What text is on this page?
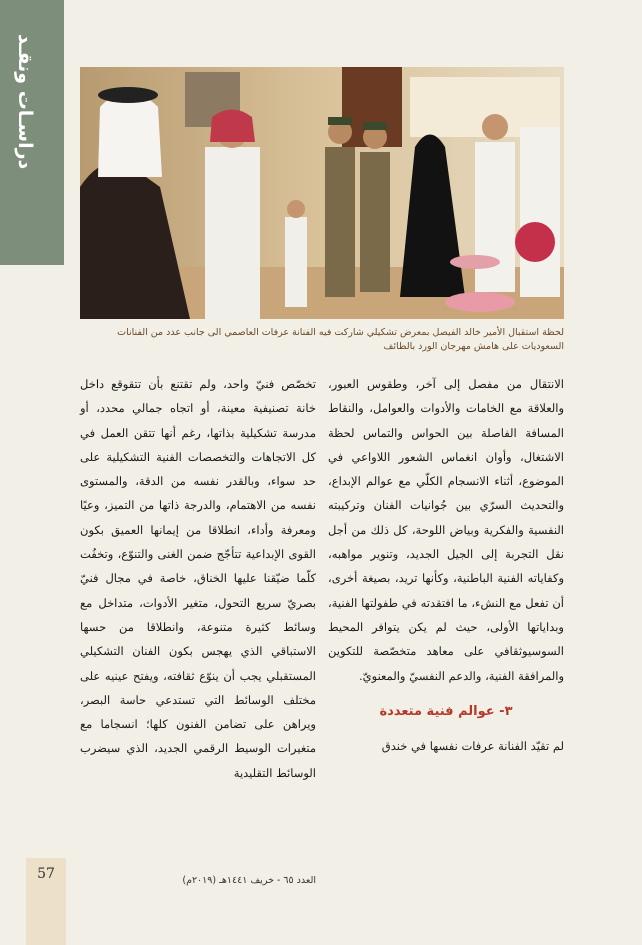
دراسـات ونقـد
لحظة استقبال الأمير خالد الفيصل بمعرض تشكيلي شاركت فيه الفنانة عرفات العاصمي الى جانب عدد من الفنانات السعوديات على هامش مهرجان الورد بالطائف

الانتقال من مفصل إلى آخر، وطقوس العبور، والعلاقة مع الخامات والأدوات والعوامل، والنقاط المسافة الفاصلة بين الحواس والتماس لحظة الاشتغال، وأوان انغماس الشعور اللاواعي في الموضوع، أثناء الانسجام الكلّي مع عوالم الإبداع، والتحديث السرّي بين جُوانيات الفنان وتركيبته النفسية والفكرية وبياض اللوحة، كل ذلك من أجل نقل التجربة إلى الجيل الجديد، وتنوير مواهبه، وكفاياته الفنية الباطنية، وكأنها تريد، بصيغة أخرى، أن تفعل مع النشء، ما افتقدته في طفولتها الفنية، وبداياتها الأولى، حيث لم يكن يتوافر المحيط السوسيوثقافي على معاهد متخصّصة للتكوين والمرافقة الفنية، والدعم النفسيّ والمعنويّ.

٣- عوالم فنية متعددة

لم تقيّد الفنانة عرفات نفسها في خندق

تخصّص فنيّ واحد، ولم تقتنع بأن تتقوقع داخل خانة تصنيفية معينة، أو اتجاه جمالي محدد، أو مدرسة تشكيلية بذاتها، رغم أنها تتقن العمل في كل الاتجاهات والتخصصات الفنية التشكيلية على حد سواء، وبالقدر نفسه من الدقة، والمستوى نفسه من الاهتمام، والدرجة ذاتها من التميز، وعيًا ومعرفة وأداء، انطلاقا من إيمانها العميق بكون القوى الإبداعية تتأجّج ضمن الغنى والتنوّع، وتخفُت كلّما ضيّقنا عليها الخناق، خاصة في مجال فنيّ بصريّ سريع التحول، متغير الأدوات، متداخل مع وسائط كثيرة متنوعة، وانطلاقا من حسها الاستباقي الذي يهجس بكون الفنان التشكيلي المستقبلي يجب أن ينوّع ثقافته، ويفتح عينيه على مختلف الوسائط التي تستدعي حاسة البصر، ويراهن على تضامن الفنون كلها؛ انسجاما مع متغيرات الوسيط الرقمي الجديد، الذي سيضرب الوسائط التقليدية

57	العدد ٦٥ - خريف ١٤٤١هـ (٢٠١٩م)
